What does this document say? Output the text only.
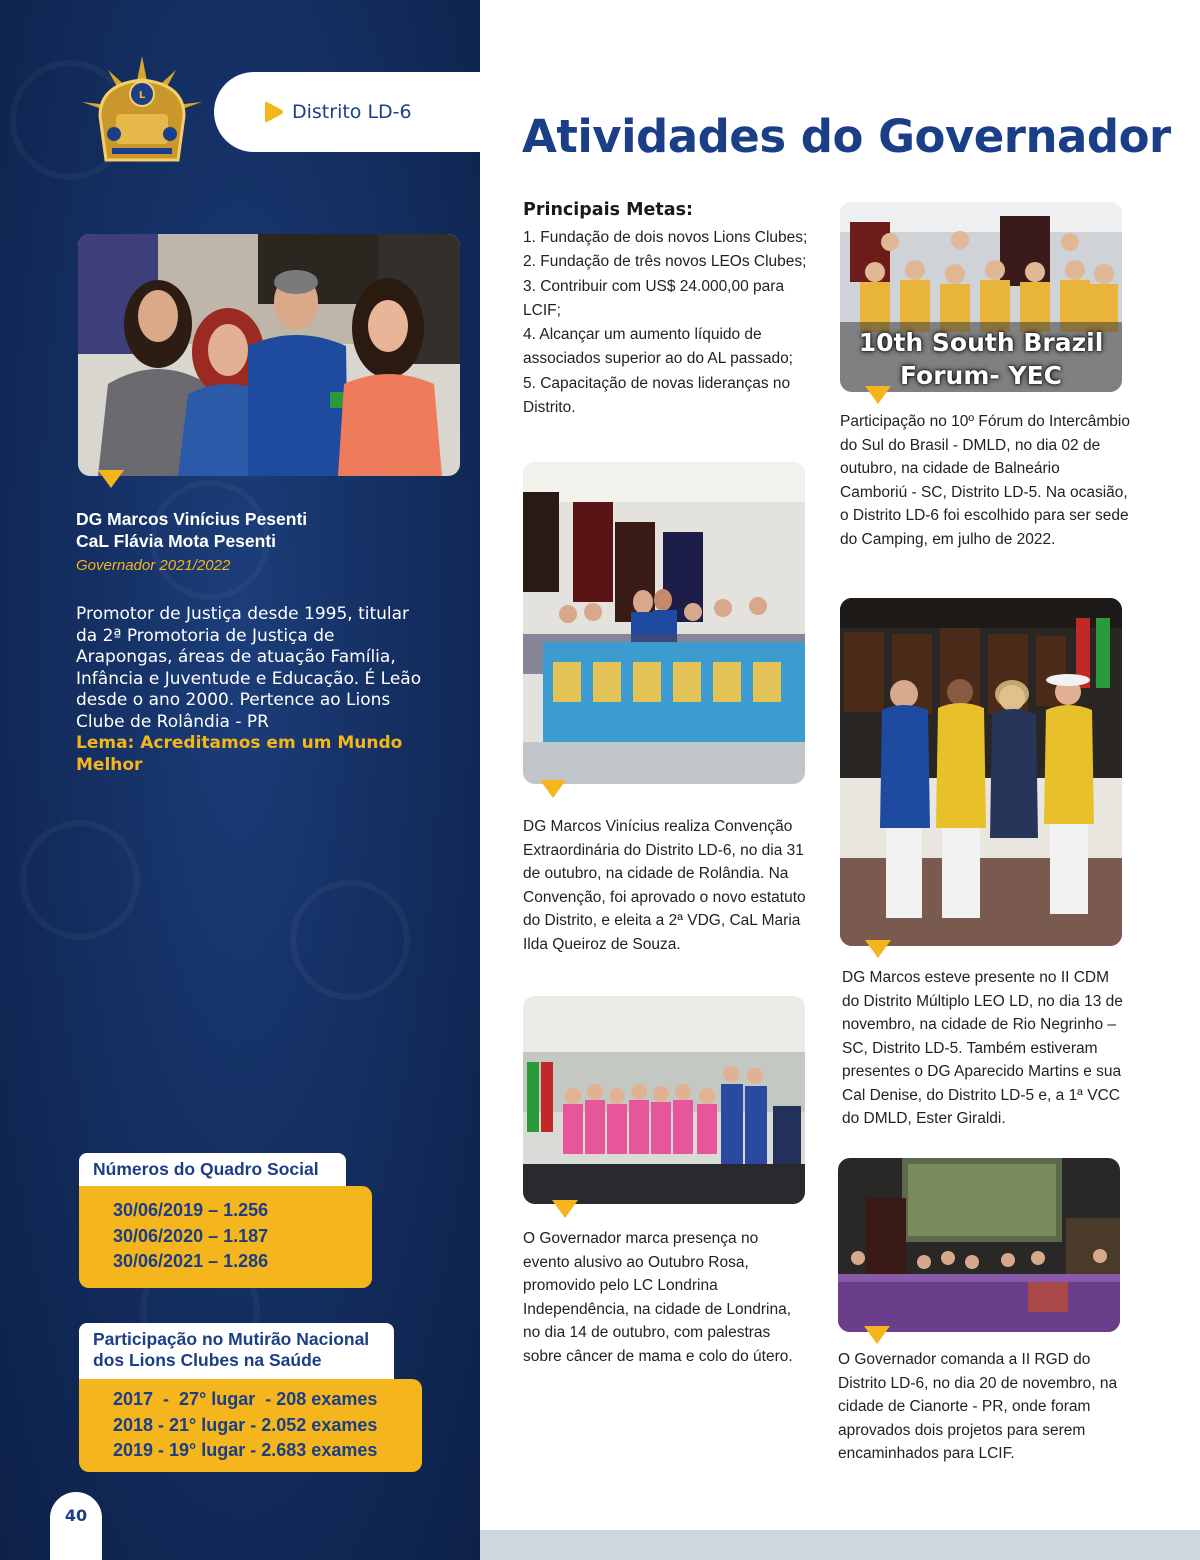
L
Distrito LD-6 Atividades do Governador
DG Marcos Vinícius Pesenti
CaL Flávia Mota Pesenti
Governador 2021/2022
Promotor de Justiça desde 1995, titular da 2ª Promotoria de Justiça de Arapongas, áreas de atuação Família, Infância e Juventude e Educação. É Leão desde o ano 2000. Pertence ao Lions Clube de Rolândia - PR
Lema: Acreditamos em um Mundo Melhor
Números do Quadro Social
30/06/2019 – 1.256
30/06/2020 – 1.187
30/06/2021 – 1.286
Participação no Mutirão Nacional
dos Lions Clubes na Saúde
2017  -  27° lugar  - 208 exames
2018 - 21° lugar - 2.052 exames
2019 - 19° lugar - 2.683 exames
40
Principais Metas:
1. Fundação de dois novos Lions Clubes;
2. Fundação de três novos LEOs Clubes;
3. Contribuir com US$ 24.000,00 para
LCIF;
4. Alcançar um aumento líquido de
associados superior ao do AL passado;
5. Capacitação de novas lideranças no
Distrito.
10th South Brazil
Forum- YEC
Participação no 10º Fórum do Intercâmbio do Sul do Brasil - DMLD, no dia 02 de outubro, na cidade de Balneário Camboriú - SC, Distrito LD-5. Na ocasião, o Distrito LD-6 foi escolhido para ser sede do Camping, em julho de 2022.
DG Marcos Vinícius realiza Convenção Extraordinária do Distrito LD-6, no dia 31 de outubro, na cidade de Rolândia. Na Convenção, foi aprovado o novo estatuto do Distrito, e eleita a 2ª VDG, CaL Maria Ilda Queiroz de Souza.
DG Marcos esteve presente no II CDM do Distrito Múltiplo LEO LD, no dia 13 de novembro, na cidade de Rio Negrinho – SC, Distrito LD-5. Também estiveram presentes o DG Aparecido Martins e sua Cal Denise, do Distrito LD-5 e, a 1ª VCC do DMLD, Ester Giraldi.
O Governador marca presença no evento alusivo ao Outubro Rosa, promovido pelo LC Londrina Independência, na cidade de Londrina, no dia 14 de outubro, com palestras sobre câncer de mama e colo do útero.	O Governador comanda a II RGD do Distrito LD-6, no dia 20 de novembro, na cidade de Cianorte - PR, onde foram aprovados dois projetos para serem encaminhados para LCIF.
